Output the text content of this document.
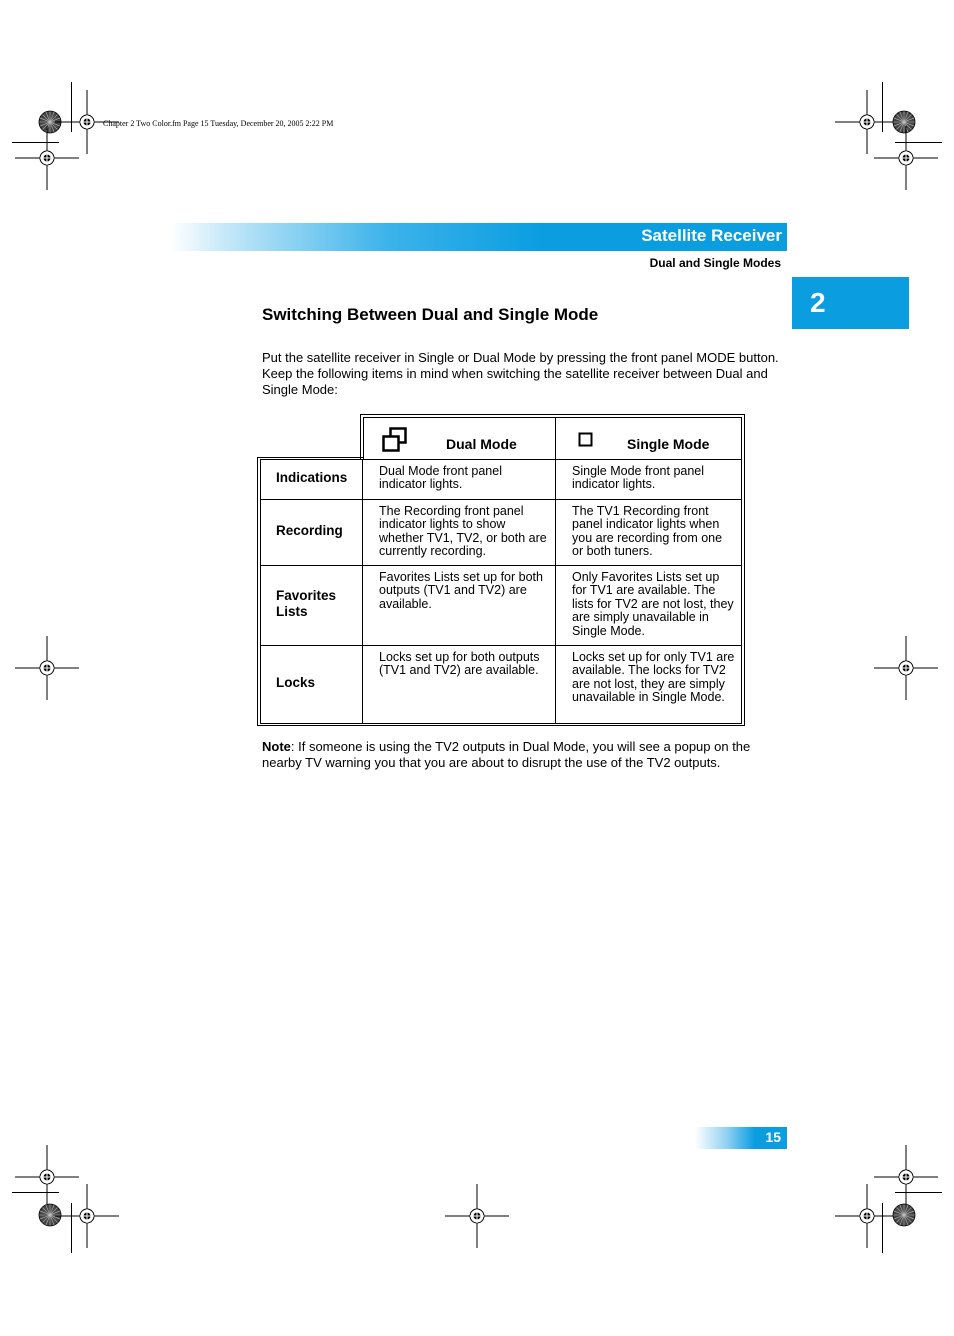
Chapter 2 Two Color.fm Page 15 Tuesday, December 20, 2005 2:22 PM
Satellite Receiver
Dual and Single Modes
2
Switching Between Dual and Single Mode
Put the satellite receiver in Single or Dual Mode by pressing the front panel MODE button. Keep the following items in mind when switching the satellite receiver between Dual and Single Mode:
Dual Mode	Single Mode
Indications	Dual Mode front panel indicator lights.
Single Mode front panel indicator lights.
Recording
The Recording front panel indicator lights to show whether TV1, TV2, or both are currently recording.
The TV1 Recording front panel indicator lights when you are recording from one or both tuners.
Favorites Lists
Favorites Lists set up for both outputs (TV1 and TV2) are available.
Only Favorites Lists set up for TV1 are available. The lists for TV2 are not lost, they are simply unavailable in Single Mode.
Locks
Locks set up for both outputs (TV1 and TV2) are available.
Locks set up for only TV1 are available. The locks for TV2 are not lost, they are simply unavailable in Single Mode.
Note: If someone is using the TV2 outputs in Dual Mode, you will see a popup on the nearby TV warning you that you are about to disrupt the use of the TV2 outputs.
15
